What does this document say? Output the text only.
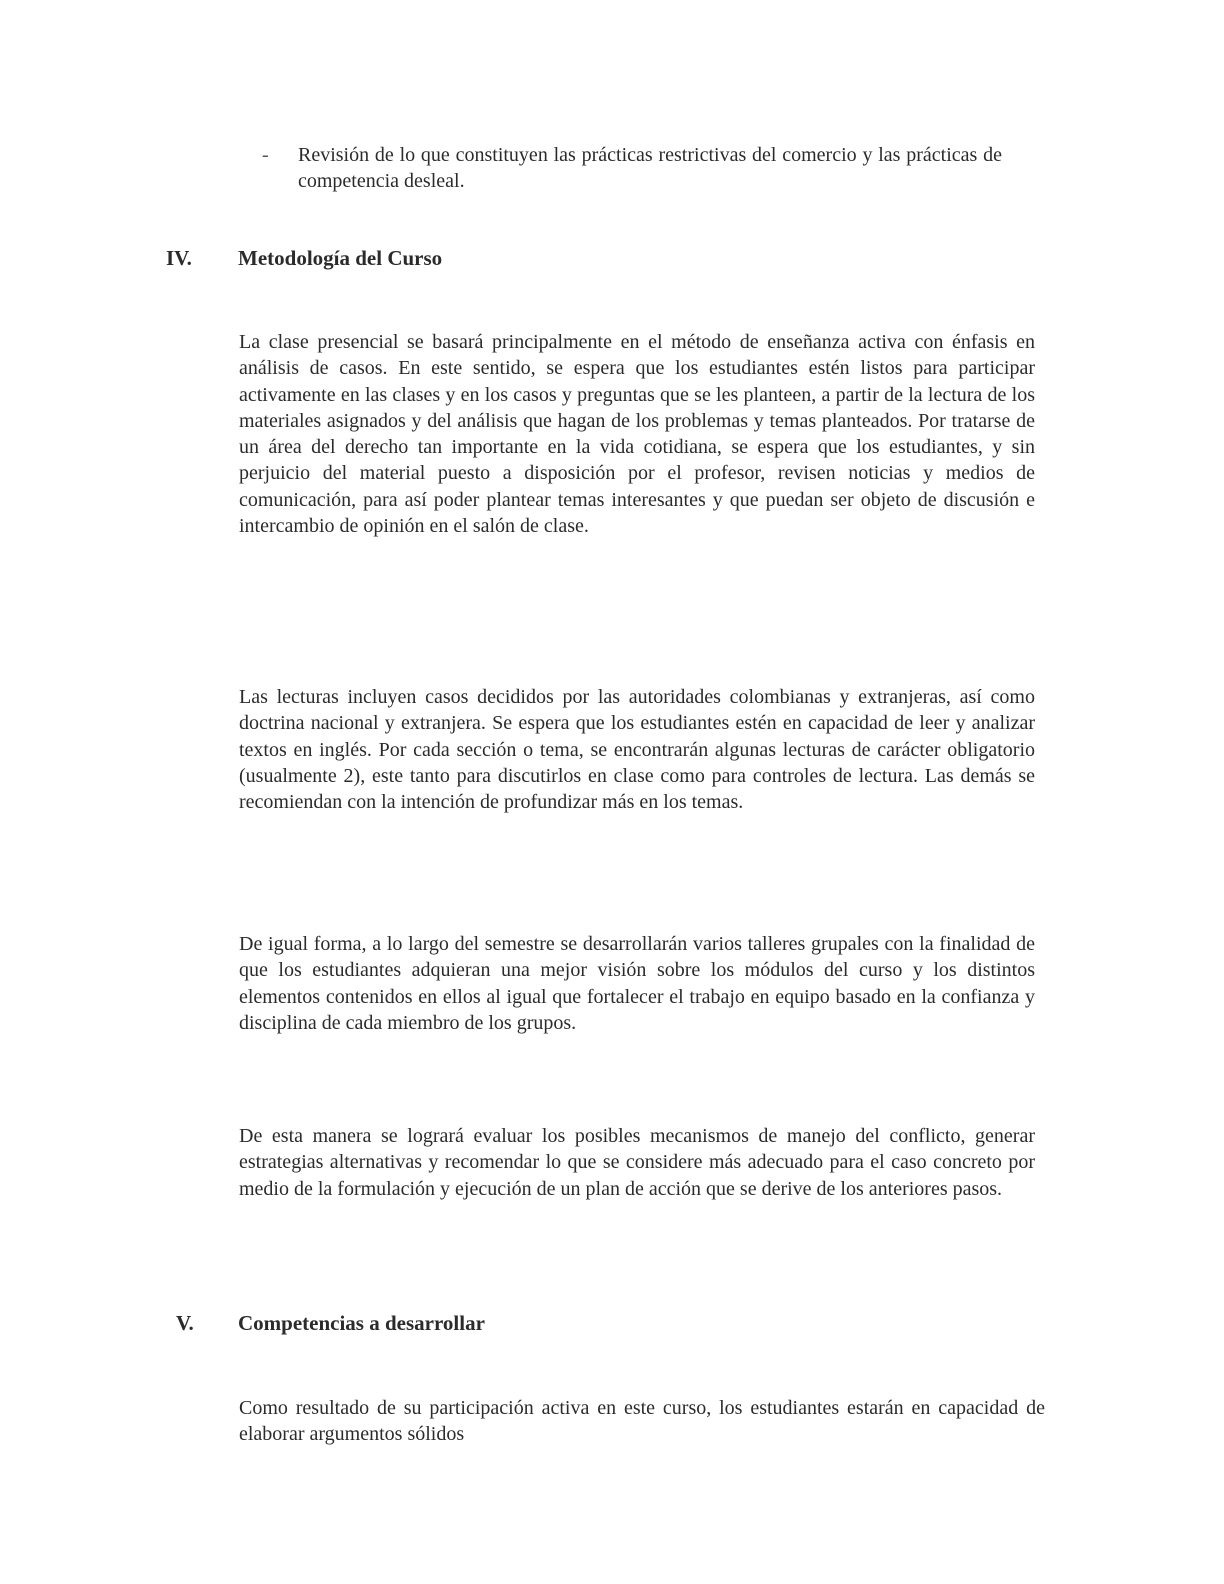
-	Revisión de lo que constituyen las prácticas restrictivas del comercio y las prácticas de competencia desleal.
IV.	Metodología del Curso

La clase presencial se basará principalmente en el método de enseñanza activa con énfasis en análisis de casos. En este sentido, se espera que los estudiantes estén listos para participar activamente en las clases y en los casos y preguntas que se les planteen, a partir de la lectura de los materiales asignados y del análisis que hagan de los problemas y temas planteados. Por tratarse de un área del derecho tan importante en la vida cotidiana, se espera que los estudiantes, y sin perjuicio del material puesto a disposición por el profesor, revisen noticias y medios de comunicación, para así poder plantear temas interesantes y que puedan ser objeto de discusión e intercambio de opinión en el salón de clase.

Las lecturas incluyen casos decididos por las autoridades colombianas y extranjeras, así como doctrina nacional y extranjera. Se espera que los estudiantes estén en capacidad de leer y analizar textos en inglés. Por cada sección o tema, se encontrarán algunas lecturas de carácter obligatorio (usualmente 2), este tanto para discutirlos en clase como para controles de lectura. Las demás se recomiendan con la intención de profundizar más en los temas.

De igual forma, a lo largo del semestre se desarrollarán varios talleres grupales con la finalidad de que los estudiantes adquieran una mejor visión sobre los módulos del curso y los distintos elementos contenidos en ellos al igual que fortalecer el trabajo en equipo basado en la confianza y disciplina de cada miembro de los grupos.

De esta manera se logrará evaluar los posibles mecanismos de manejo del conflicto, generar estrategias alternativas y recomendar lo que se considere más adecuado para el caso concreto por medio de la formulación y ejecución de un plan de acción que se derive de los anteriores pasos.

V.	Competencias a desarrollar

Como resultado de su participación activa en este curso, los estudiantes estarán en capacidad de elaborar argumentos sólidos
